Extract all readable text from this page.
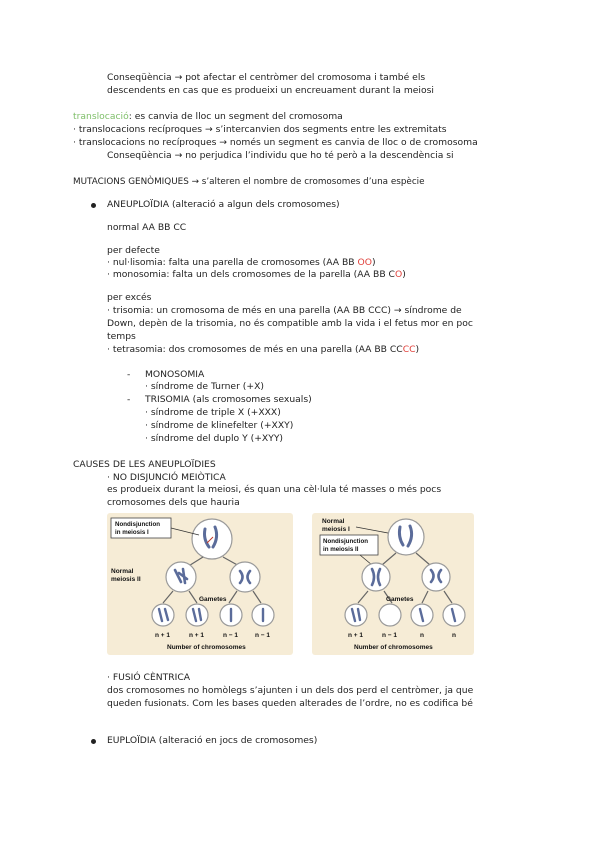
Conseqüència → pot afectar el centròmer del cromosoma i també els
descendents en cas que es produeixi un encreuament durant la meiosi
translocació: es canvia de lloc un segment del cromosoma
· translocacions recíproques → s’intercanvien dos segments entre les extremitats
· translocacions no recíproques → només un segment es canvia de lloc o de cromosoma
Conseqüència → no perjudica l’individu que ho té però a la descendència si
MUTACIONS GENÒMIQUES → s’alteren el nombre de cromosomes d’una espècie
ANEUPLOÏDIA (alteració a algun dels cromosomes)
normal AA BB CC
per defecte
· nul·lisomia: falta una parella de cromosomes (AA BB OO)
· monosomia: falta un dels cromosomes de la parella (AA BB CO)
per excés
· trisomia: un cromosoma de més en una parella (AA BB CCC) → síndrome de
Down, depèn de la trisomia, no és compatible amb la vida i el fetus mor en poc
temps
· tetrasomia: dos cromosomes de més en una parella (AA BB CCCC)
- MONOSOMIA
· síndrome de Turner (+X)
- TRISOMIA (als cromosomes sexuals)
· síndrome de triple X (+XXX)
· síndrome de klinefelter (+XXY)
· síndrome del duplo Y (+XYY)
CAUSES DE LES ANEUPLOÏDIES
· NO DISJUNCIÓ MEIÒTICA
es produeix durant la meiosi, és quan una cèl·lula té masses o més pocs
cromosomes dels que hauria
Nondisjunction
in meiosis I
Normal
meiosis II
Gametes
n + 1	n + 1	n − 1	n − 1
Number of chromosomes
Normal
meiosis I
Nondisjunction
in meiosis II
Gametes
n + 1	n − 1	n	n
Number of chromosomes
· FUSIÓ CÈNTRICA
dos cromosomes no homòlegs s’ajunten i un dels dos perd el centròmer, ja que
queden fusionats. Com les bases queden alterades de l’ordre, no es codifica bé
EUPLOÏDIA (alteració en jocs de cromosomes)
